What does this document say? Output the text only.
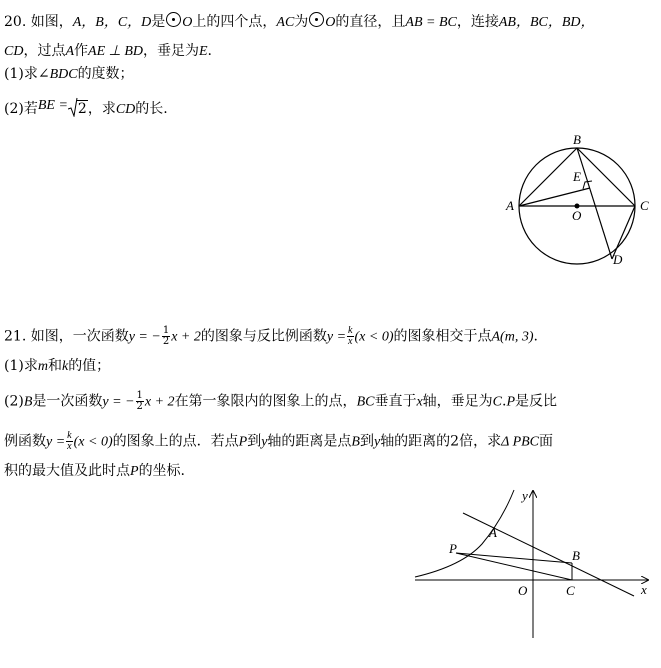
20. 如图，A，B，C，D是 O上的四个点，AC为 O的直径，且AB = BC，连接AB，BC，BD，
CD，过点A作AE ⊥ BD，垂足为E.
(1)求∠BDC的度数；
(2)若BE = 2，求CD的长.
B
A	C
D
E
O
21. 如图，一次函数y = − $\frac{1}{2}$ x + 2的图象与反比例函数$y = \frac{k}{x} (x < 0)$的图象相交于点A(m, 3).
(1)求m和k的值；
(2)B是一次函数y = − $\frac{1}{2}$ x + 2在第一象限内的图象上的点，BC垂直于x轴，垂足为C.P是反比
例函数$y = \frac{k}{x} (x < 0)$的图象上的点．若点P到y轴的距离是点B到y轴的距离的2倍，求Δ PBC面
积的最大值及此时点P的坐标.
y
x
O
A
B
C
P
